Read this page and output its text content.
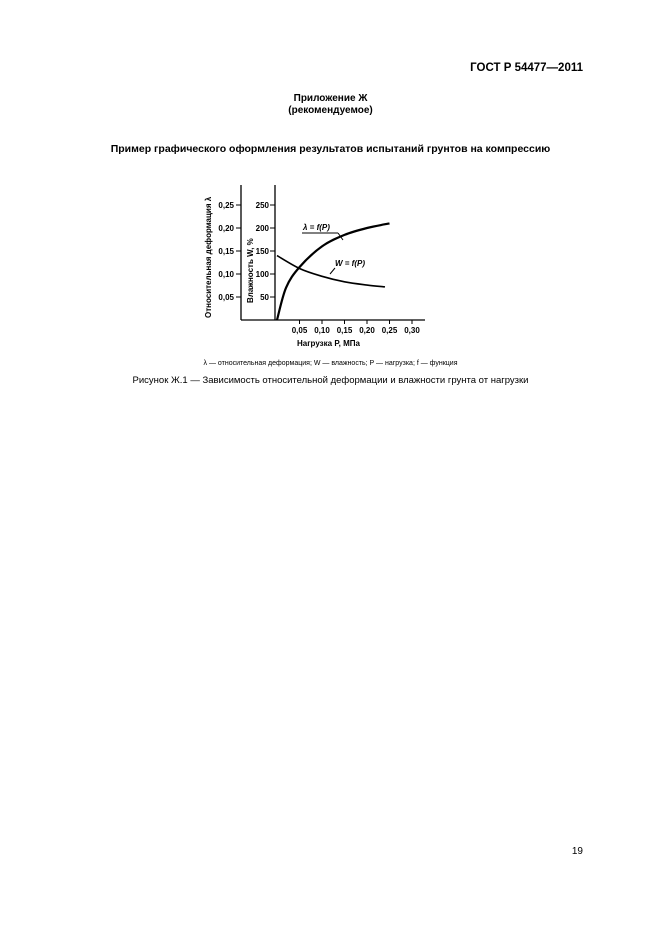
ГОСТ Р 54477—2011
Приложение Ж
(рекомендуемое)
Пример графического оформления результатов испытаний грунтов на компрессию
0,05
0,10
0,15
0,20
0,25
50
100
150
200
250
0,05 0,10 0,15 0,20 0,25 0,30
λ = f(P)
W = f(P)
Относительная деформация λ	Влажность W, %
Нагрузка P, МПа
λ — относительная деформация; W — влажность; P — нагрузка; f — функция
Рисунок Ж.1 — Зависимость относительной деформации и влажности грунта от нагрузки
19
